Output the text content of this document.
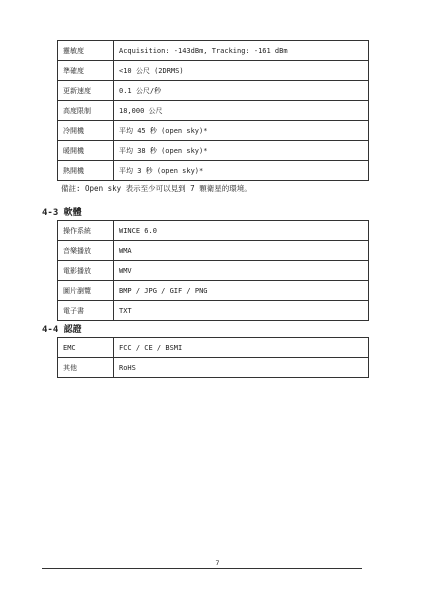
靈敏度	Acquisition: -143dBm, Tracking: -161 dBm
準確度	<10 公尺 (2DRMS)
更新速度	0.1 公尺/秒
高度限制	18,000 公尺
冷開機	平均 45 秒 (open sky)*
暖開機	平均 38 秒 (open sky)*
熱開機	平均 3 秒 (open sky)*
備註: Open sky 表示至少可以見到 7 顆衛星的環境。
4-3 軟體
操作系統	WINCE 6.0
音樂播放	WMA
電影播放	WMV
圖片瀏覽	BMP / JPG / GIF / PNG
電子書	TXT
4-4 認證
EMC	FCC / CE / BSMI
其他	RoHS
7
